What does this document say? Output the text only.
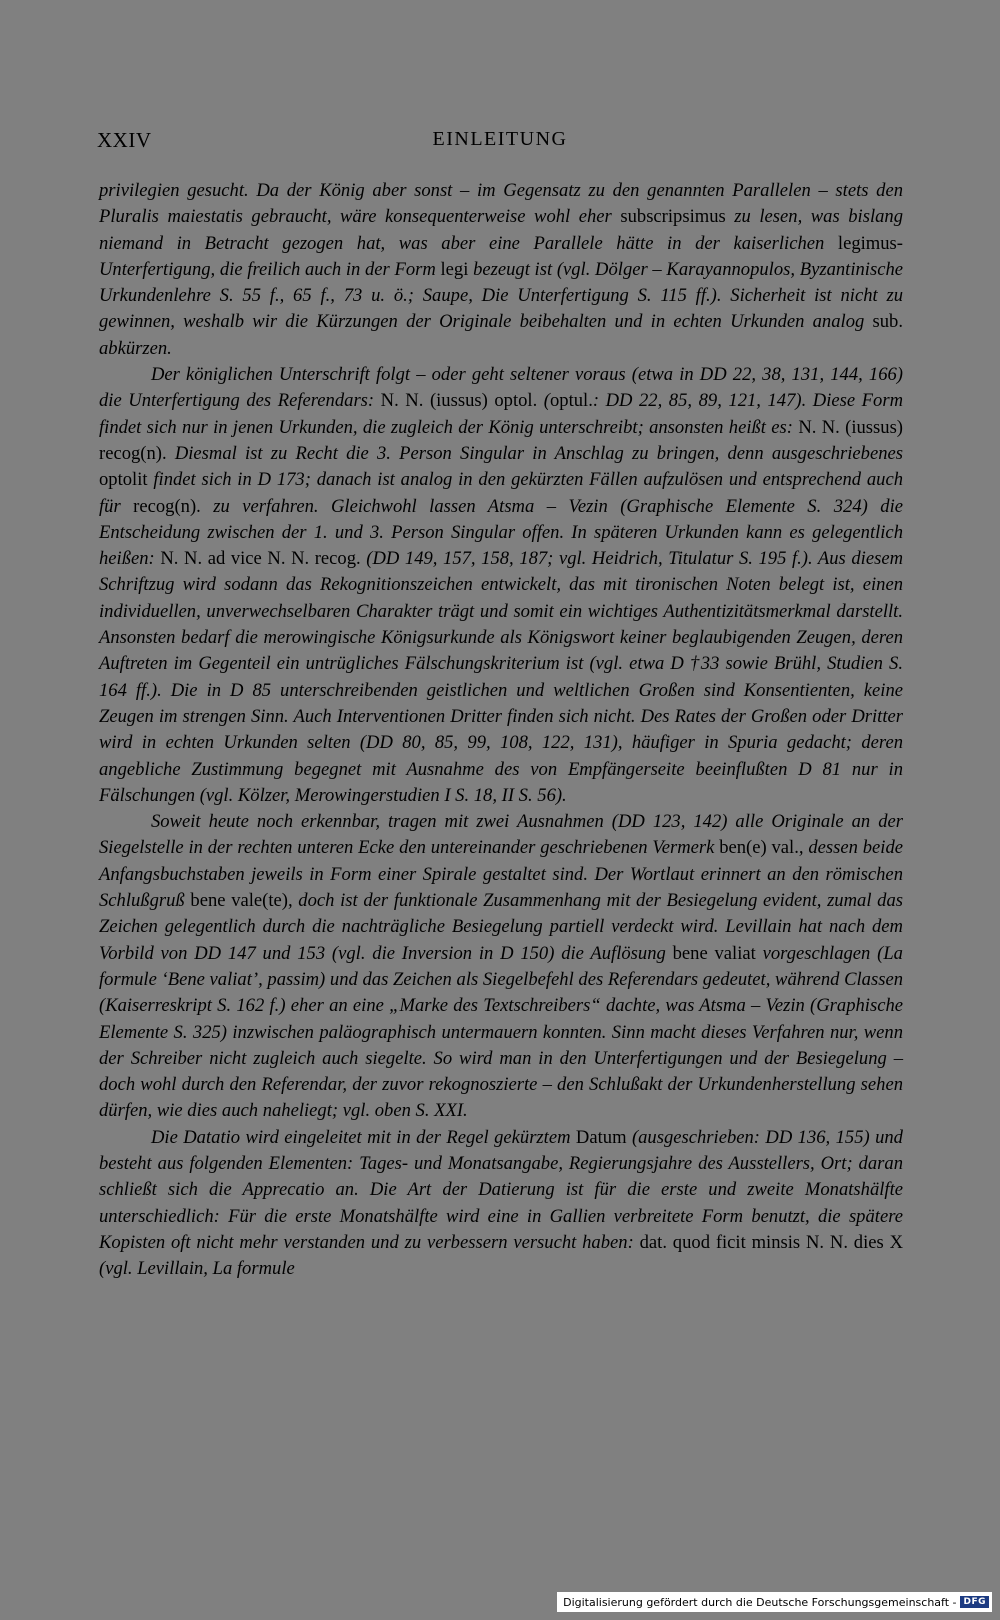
XXIV	EINLEITUNG

privilegien gesucht. Da der König aber sonst – im Gegensatz zu den genannten Parallelen – stets den Pluralis maiestatis gebraucht, wäre konsequenterweise wohl eher subscripsimus zu lesen, was bislang niemand in Betracht gezogen hat, was aber eine Parallele hätte in der kaiserlichen legimus-Unterfertigung, die freilich auch in der Form legi bezeugt ist (vgl. Dölger – Karayannopulos, Byzantinische Urkundenlehre S. 55 f., 65 f., 73 u. ö.; Saupe, Die Unterfertigung S. 115 ff.). Sicherheit ist nicht zu gewinnen, weshalb wir die Kürzungen der Originale beibehalten und in echten Urkunden analog sub. abkürzen.

Der königlichen Unterschrift folgt – oder geht seltener voraus (etwa in DD 22, 38, 131, 144, 166) die Unterfertigung des Referendars: N. N. (iussus) optol. (optul.: DD 22, 85, 89, 121, 147). Diese Form findet sich nur in jenen Urkunden, die zugleich der König unterschreibt; ansonsten heißt es: N. N. (iussus) recog(n). Diesmal ist zu Recht die 3. Person Singular in Anschlag zu bringen, denn ausgeschriebenes optolit findet sich in D 173; danach ist analog in den gekürzten Fällen aufzulösen und entsprechend auch für recog(n). zu verfahren. Gleichwohl lassen Atsma – Vezin (Graphische Elemente S. 324) die Entscheidung zwischen der 1. und 3. Person Singular offen. In späteren Urkunden kann es gelegentlich heißen: N. N. ad vice N. N. recog. (DD 149, 157, 158, 187; vgl. Heidrich, Titulatur S. 195 f.). Aus diesem Schriftzug wird sodann das Rekognitionszeichen entwickelt, das mit tironischen Noten belegt ist, einen individuellen, unverwechselbaren Charakter trägt und somit ein wichtiges Authentizitätsmerkmal darstellt. Ansonsten bedarf die merowingische Königsurkunde als Königswort keiner beglaubigenden Zeugen, deren Auftreten im Gegenteil ein untrügliches Fälschungskriterium ist (vgl. etwa D †33 sowie Brühl, Studien S. 164 ff.). Die in D 85 unterschreibenden geistlichen und weltlichen Großen sind Konsentienten, keine Zeugen im strengen Sinn. Auch Interventionen Dritter finden sich nicht. Des Rates der Großen oder Dritter wird in echten Urkunden selten (DD 80, 85, 99, 108, 122, 131), häufiger in Spuria gedacht; deren angebliche Zustimmung begegnet mit Ausnahme des von Empfängerseite beeinflußten D 81 nur in Fälschungen (vgl. Kölzer, Merowingerstudien I S. 18, II S. 56).

Soweit heute noch erkennbar, tragen mit zwei Ausnahmen (DD 123, 142) alle Originale an der Siegelstelle in der rechten unteren Ecke den untereinander geschriebenen Vermerk ben(e) val., dessen beide Anfangsbuchstaben jeweils in Form einer Spirale gestaltet sind. Der Wortlaut erinnert an den römischen Schlußgruß bene vale(te), doch ist der funktionale Zusammenhang mit der Besiegelung evident, zumal das Zeichen gelegentlich durch die nachträgliche Besiegelung partiell verdeckt wird. Levillain hat nach dem Vorbild von DD 147 und 153 (vgl. die Inversion in D 150) die Auflösung bene valiat vorgeschlagen (La formule ‘Bene valiat’, passim) und das Zeichen als Siegelbefehl des Referendars gedeutet, während Classen (Kaiserreskript S. 162 f.) eher an eine „Marke des Textschreibers“ dachte, was Atsma – Vezin (Graphische Elemente S. 325) inzwischen paläographisch untermauern konnten. Sinn macht dieses Verfahren nur, wenn der Schreiber nicht zugleich auch siegelte. So wird man in den Unterfertigungen und der Besiegelung – doch wohl durch den Referendar, der zuvor rekognoszierte – den Schlußakt der Urkundenherstellung sehen dürfen, wie dies auch naheliegt; vgl. oben S. XXI.

Die Datatio wird eingeleitet mit in der Regel gekürztem Datum (ausgeschrieben: DD 136, 155) und besteht aus folgenden Elementen: Tages- und Monatsangabe, Regierungsjahre des Ausstellers, Ort; daran schließt sich die Apprecatio an. Die Art der Datierung ist für die erste und zweite Monatshälfte unterschiedlich: Für die erste Monatshälfte wird eine in Gallien verbreitete Form benutzt, die spätere Kopisten oft nicht mehr verstanden und zu verbessern versucht haben: dat. quod ficit minsis N. N. dies X (vgl. Levillain, La formule

Digitalisierung gefördert durch die Deutsche Forschungsgemeinschaft - DFG
